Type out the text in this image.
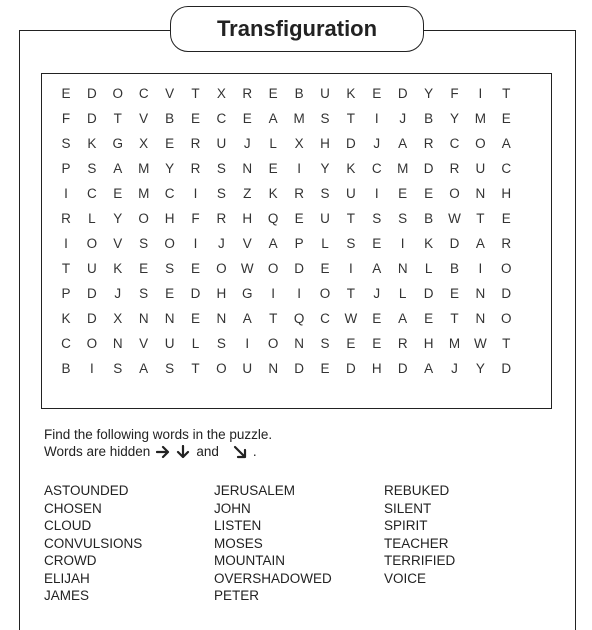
Transfiguration
E	D	O	C	V	T	X	R	E	B	U	K	E	D	Y	F	I	T
F	D	T	V	B	E	C	E	A	M	S	T	I	J	B	Y	M	E
S	K	G	X	E	R	U	J	L	X	H	D	J	A	R	C	O	A
P	S	A	M	Y	R	S	N	E	I	Y	K	C	M	D	R	U	C
I	C	E	M	C	I	S	Z	K	R	S	U	I	E	E	O	N	H
R	L	Y	O	H	F	R	H	Q	E	U	T	S	S	B	W	T	E
I	O	V	S	O	I	J	V	A	P	L	S	E	I	K	D	A	R
T	U	K	E	S	E	O	W	O	D	E	I	A	N	L	B	I	O
P	D	J	S	E	D	H	G	I	I	O	T	J	L	D	E	N	D
K	D	X	N	N	E	N	A	T	Q	C	W	E	A	E	T	N	O
C	O	N	V	U	L	S	I	O	N	S	E	E	R	H	M	W	T
B	I	S	A	S	T	O	U	N	D	E	D	H	D	A	J	Y	D
Find the following words in the puzzle.
Words are hidden	and	.
ASTOUNDED
CHOSEN
CLOUD
CONVULSIONS
CROWD
ELIJAH
JAMES
JERUSALEM
JOHN
LISTEN
MOSES
MOUNTAIN
OVERSHADOWED
PETER
REBUKED
SILENT
SPIRIT
TEACHER
TERRIFIED
VOICE
